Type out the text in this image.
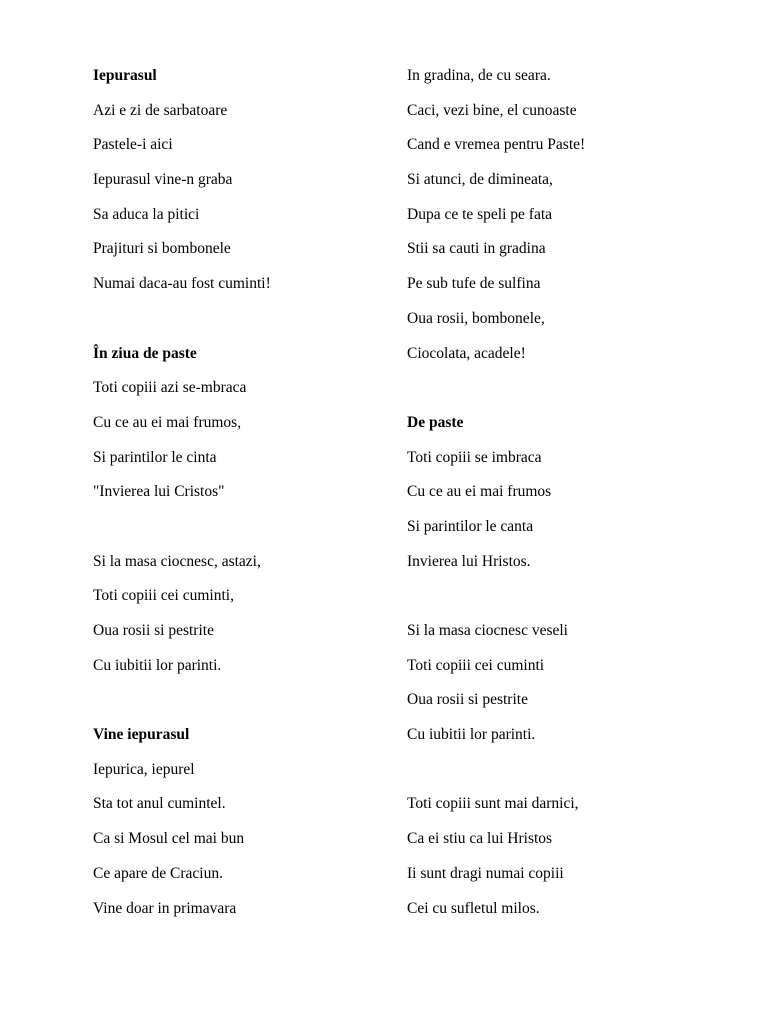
Iepurasul
Azi e zi de sarbatoare
Pastele-i aici
Iepurasul vine-n graba
Sa aduca la pitici
Prajituri si bombonele
Numai daca-au fost cuminti!
În ziua de paste
Toti copiii azi se-mbraca
Cu ce au ei mai frumos,
Si parintilor le cinta
"Invierea lui Cristos"
Si la masa ciocnesc, astazi,
Toti copiii cei cuminti,
Oua rosii si pestrite
Cu iubitii lor parinti.
Vine iepurasul
Iepurica, iepurel
Sta tot anul cumintel.
Ca si Mosul cel mai bun
Ce apare de Craciun.
Vine doar in primavara
In gradina, de cu seara.
Caci, vezi bine, el cunoaste
Cand e vremea pentru Paste!
Si atunci, de dimineata,
Dupa ce te speli pe fata
Stii sa cauti in gradina
Pe sub tufe de sulfina
Oua rosii, bombonele,
Ciocolata, acadele!
De paste
Toti copiii se imbraca
Cu ce au ei mai frumos
Si parintilor le canta
Invierea lui Hristos.
Si la masa ciocnesc veseli
Toti copiii cei cuminti
Oua rosii si pestrite
Cu iubitii lor parinti.
Toti copiii sunt mai darnici,
Ca ei stiu ca lui Hristos
Ii sunt dragi numai copiii
Cei cu sufletul milos.
